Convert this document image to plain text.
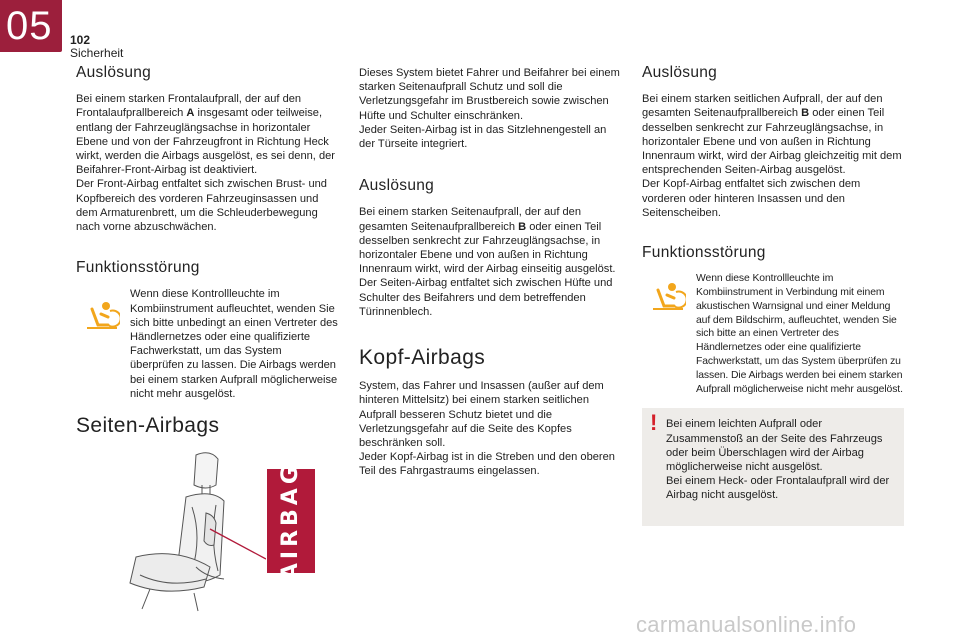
05 102
Sicherheit
Auslösung

Bei einem starken Frontalaufprall, der auf den Frontalaufprallbereich A insgesamt oder teilweise, entlang der Fahrzeuglängsachse in horizontaler Ebene und von der Fahrzeugfront in Richtung Heck wirkt, werden die Airbags ausgelöst, es sei denn, der Beifahrer-Front-Airbag ist deaktiviert.

Der Front-Airbag entfaltet sich zwischen Brust- und Kopfbereich des vorderen Fahrzeuginsassen und dem Armaturenbrett, um die Schleuderbewegung nach vorne abzuschwächen.

Funktionsstörung
Wenn diese Kontrollleuchte im Kombiinstrument aufleuchtet, wenden Sie sich bitte unbedingt an einen Vertreter des Händlernetzes oder eine qualifizierte Fachwerkstatt, um das System überprüfen zu lassen. Die Airbags werden bei einem starken Aufprall möglicherweise nicht mehr ausgelöst.
Seiten-Airbags
AIRBAG

Dieses System bietet Fahrer und Beifahrer bei einem starken Seitenaufprall Schutz und soll die Verletzungsgefahr im Brustbereich sowie zwischen Hüfte und Schulter einschränken.

Jeder Seiten-Airbag ist in das Sitzlehnengestell an der Türseite integriert.

Auslösung

Bei einem starken Seitenaufprall, der auf den gesamten Seitenaufprallbereich B oder einen Teil desselben senkrecht zur Fahrzeuglängsachse, in horizontaler Ebene und von außen in Richtung Innenraum wirkt, wird der Airbag einseitig ausgelöst.

Der Seiten-Airbag entfaltet sich zwischen Hüfte und Schulter des Beifahrers und dem betreffenden Türinnenblech.

Kopf-Airbags

System, das Fahrer und Insassen (außer auf dem hinteren Mittelsitz) bei einem starken seitlichen Aufprall besseren Schutz bietet und die Verletzungsgefahr auf die Seite des Kopfes beschränken soll.

Jeder Kopf-Airbag ist in die Streben und den oberen Teil des Fahrgastraums eingelassen.

Auslösung

Bei einem starken seitlichen Aufprall, der auf den gesamten Seitenaufprallbereich B oder einen Teil desselben senkrecht zur Fahrzeuglängsachse, in horizontaler Ebene und von außen in Richtung Innenraum wirkt, wird der Airbag gleichzeitig mit dem entsprechenden Seiten-Airbag ausgelöst.

Der Kopf-Airbag entfaltet sich zwischen dem vorderen oder hinteren Insassen und den Seitenscheiben.

Funktionsstörung
Wenn diese Kontrollleuchte im Kombiinstrument in Verbindung mit einem akustischen Warnsignal und einer Meldung auf dem Bildschirm, aufleuchtet, wenden Sie sich bitte an einen Vertreter des Händlernetzes oder eine qualifizierte Fachwerkstatt, um das System überprüfen zu lassen. Die Airbags werden bei einem starken Aufprall möglicherweise nicht mehr ausgelöst.
! Bei einem leichten Aufprall oder Zusammenstoß an der Seite des Fahrzeugs oder beim Überschlagen wird der Airbag möglicherweise nicht ausgelöst.

Bei einem Heck- oder Frontalaufprall wird der Airbag nicht ausgelöst.

carmanualsonline.info
